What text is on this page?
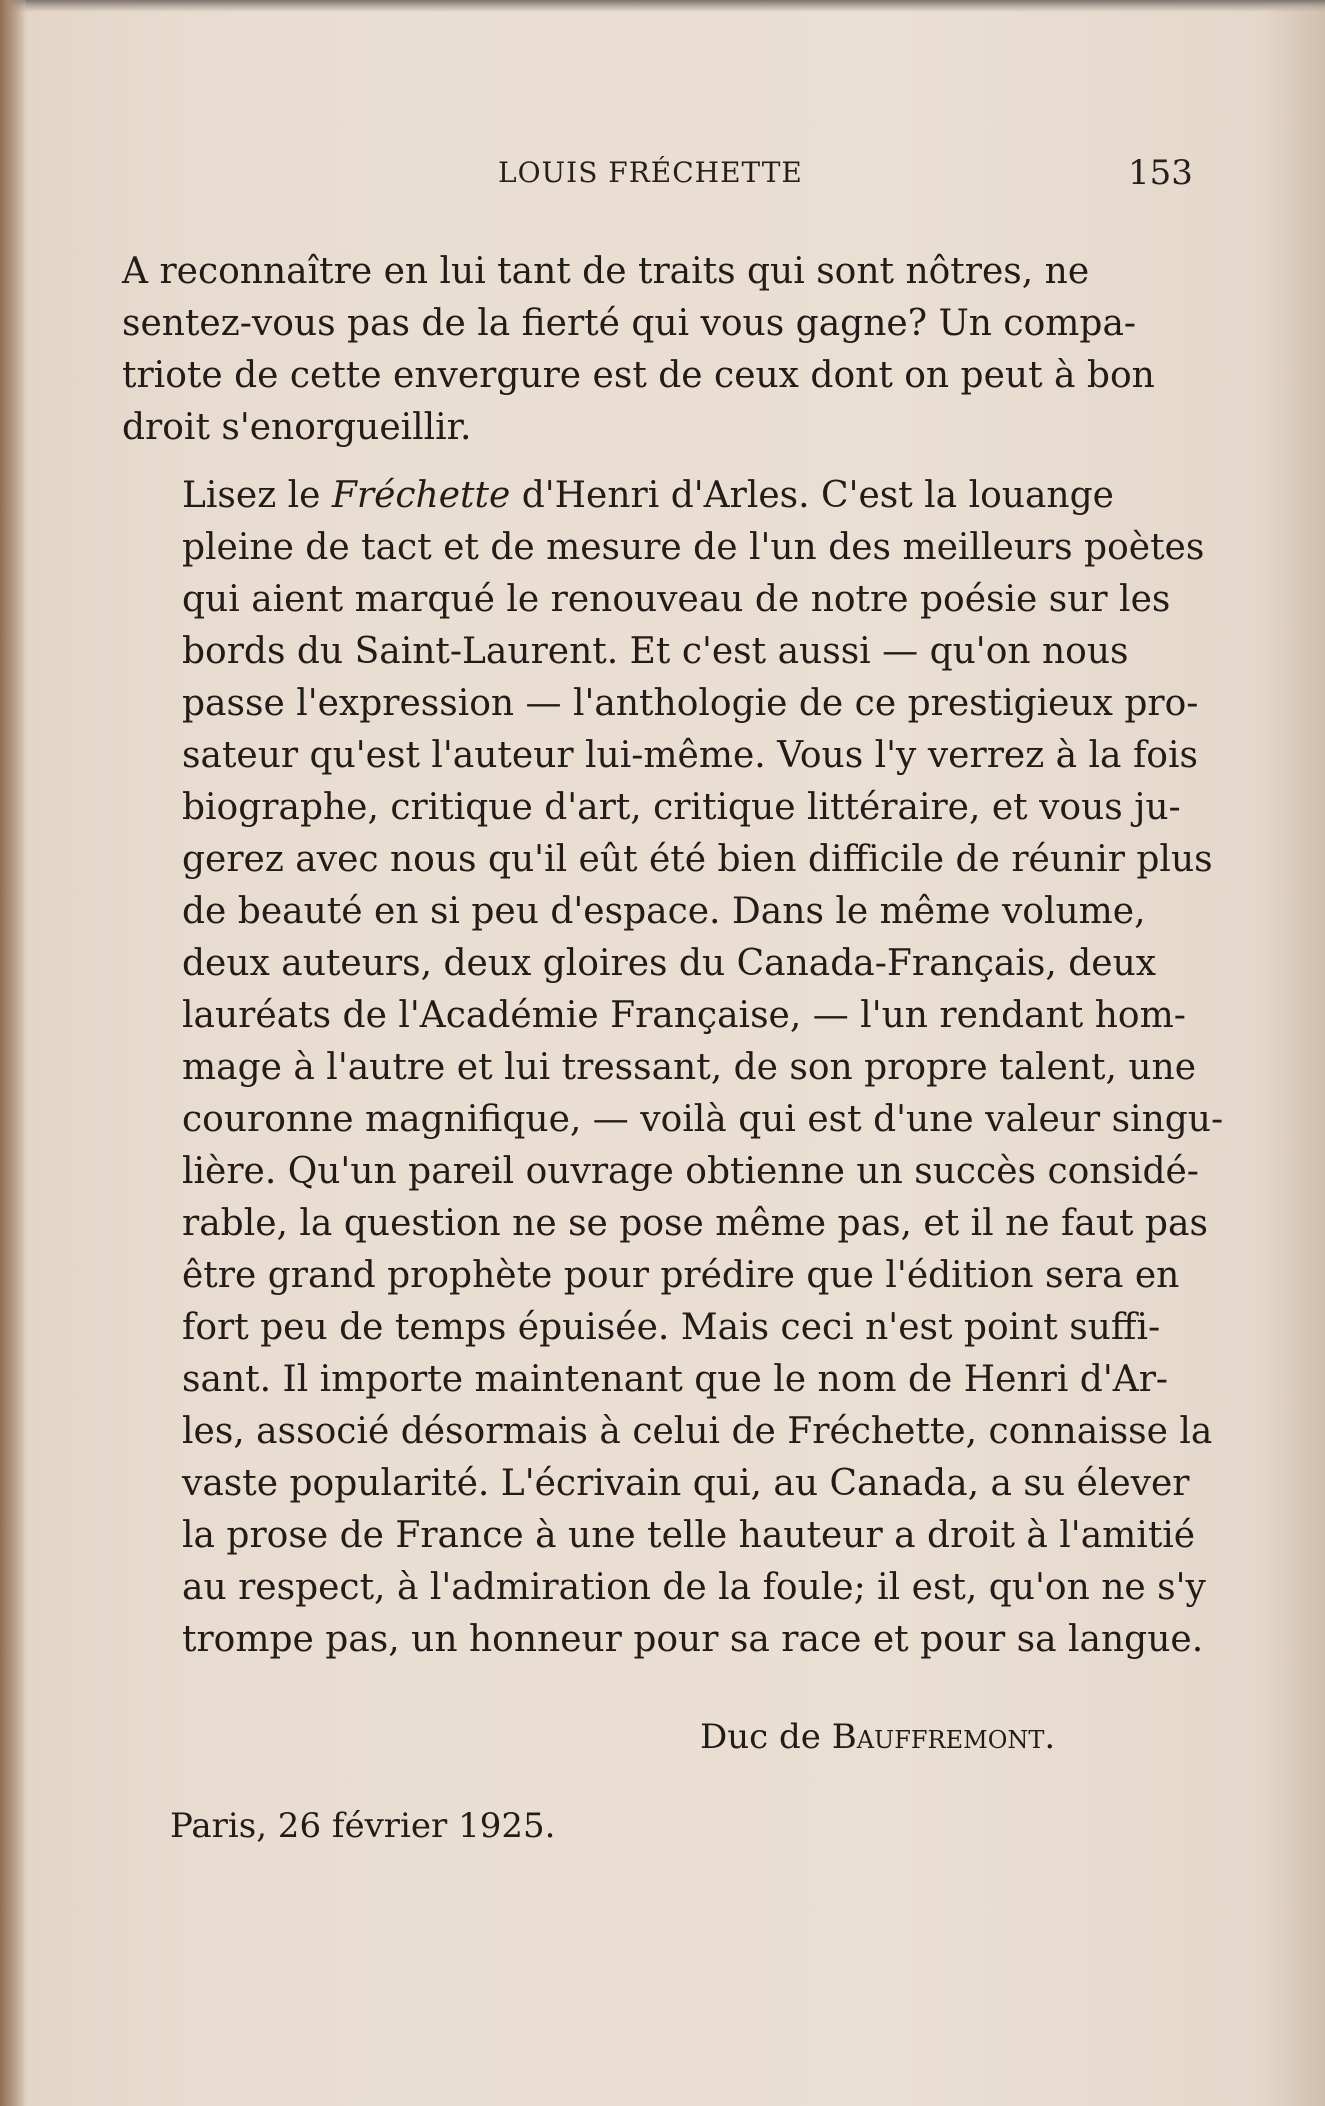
LOUIS FRÉCHETTE	153

A reconnaître en lui tant de traits qui sont nôtres, ne
sentez-vous pas de la fierté qui vous gagne? Un compa-
triote de cette envergure est de ceux dont on peut à bon
droit s'enorgueillir.

Lisez le Fréchette d'Henri d'Arles. C'est la louange
pleine de tact et de mesure de l'un des meilleurs poètes
qui aient marqué le renouveau de notre poésie sur les
bords du Saint-Laurent. Et c'est aussi — qu'on nous
passe l'expression — l'anthologie de ce prestigieux pro-
sateur qu'est l'auteur lui-même. Vous l'y verrez à la fois
biographe, critique d'art, critique littéraire, et vous ju-
gerez avec nous qu'il eût été bien difficile de réunir plus
de beauté en si peu d'espace. Dans le même volume,
deux auteurs, deux gloires du Canada-Français, deux
lauréats de l'Académie Française, — l'un rendant hom-
mage à l'autre et lui tressant, de son propre talent, une
couronne magnifique, — voilà qui est d'une valeur singu-
lière. Qu'un pareil ouvrage obtienne un succès considé-
rable, la question ne se pose même pas, et il ne faut pas
être grand prophète pour prédire que l'édition sera en
fort peu de temps épuisée. Mais ceci n'est point suffi-
sant. Il importe maintenant que le nom de Henri d'Ar-
les, associé désormais à celui de Fréchette, connaisse la
vaste popularité. L'écrivain qui, au Canada, a su élever
la prose de France à une telle hauteur a droit à l'amitié
au respect, à l'admiration de la foule; il est, qu'on ne s'y
trompe pas, un honneur pour sa race et pour sa langue.

Duc de Bauffremont.
Paris, 26 février 1925.
